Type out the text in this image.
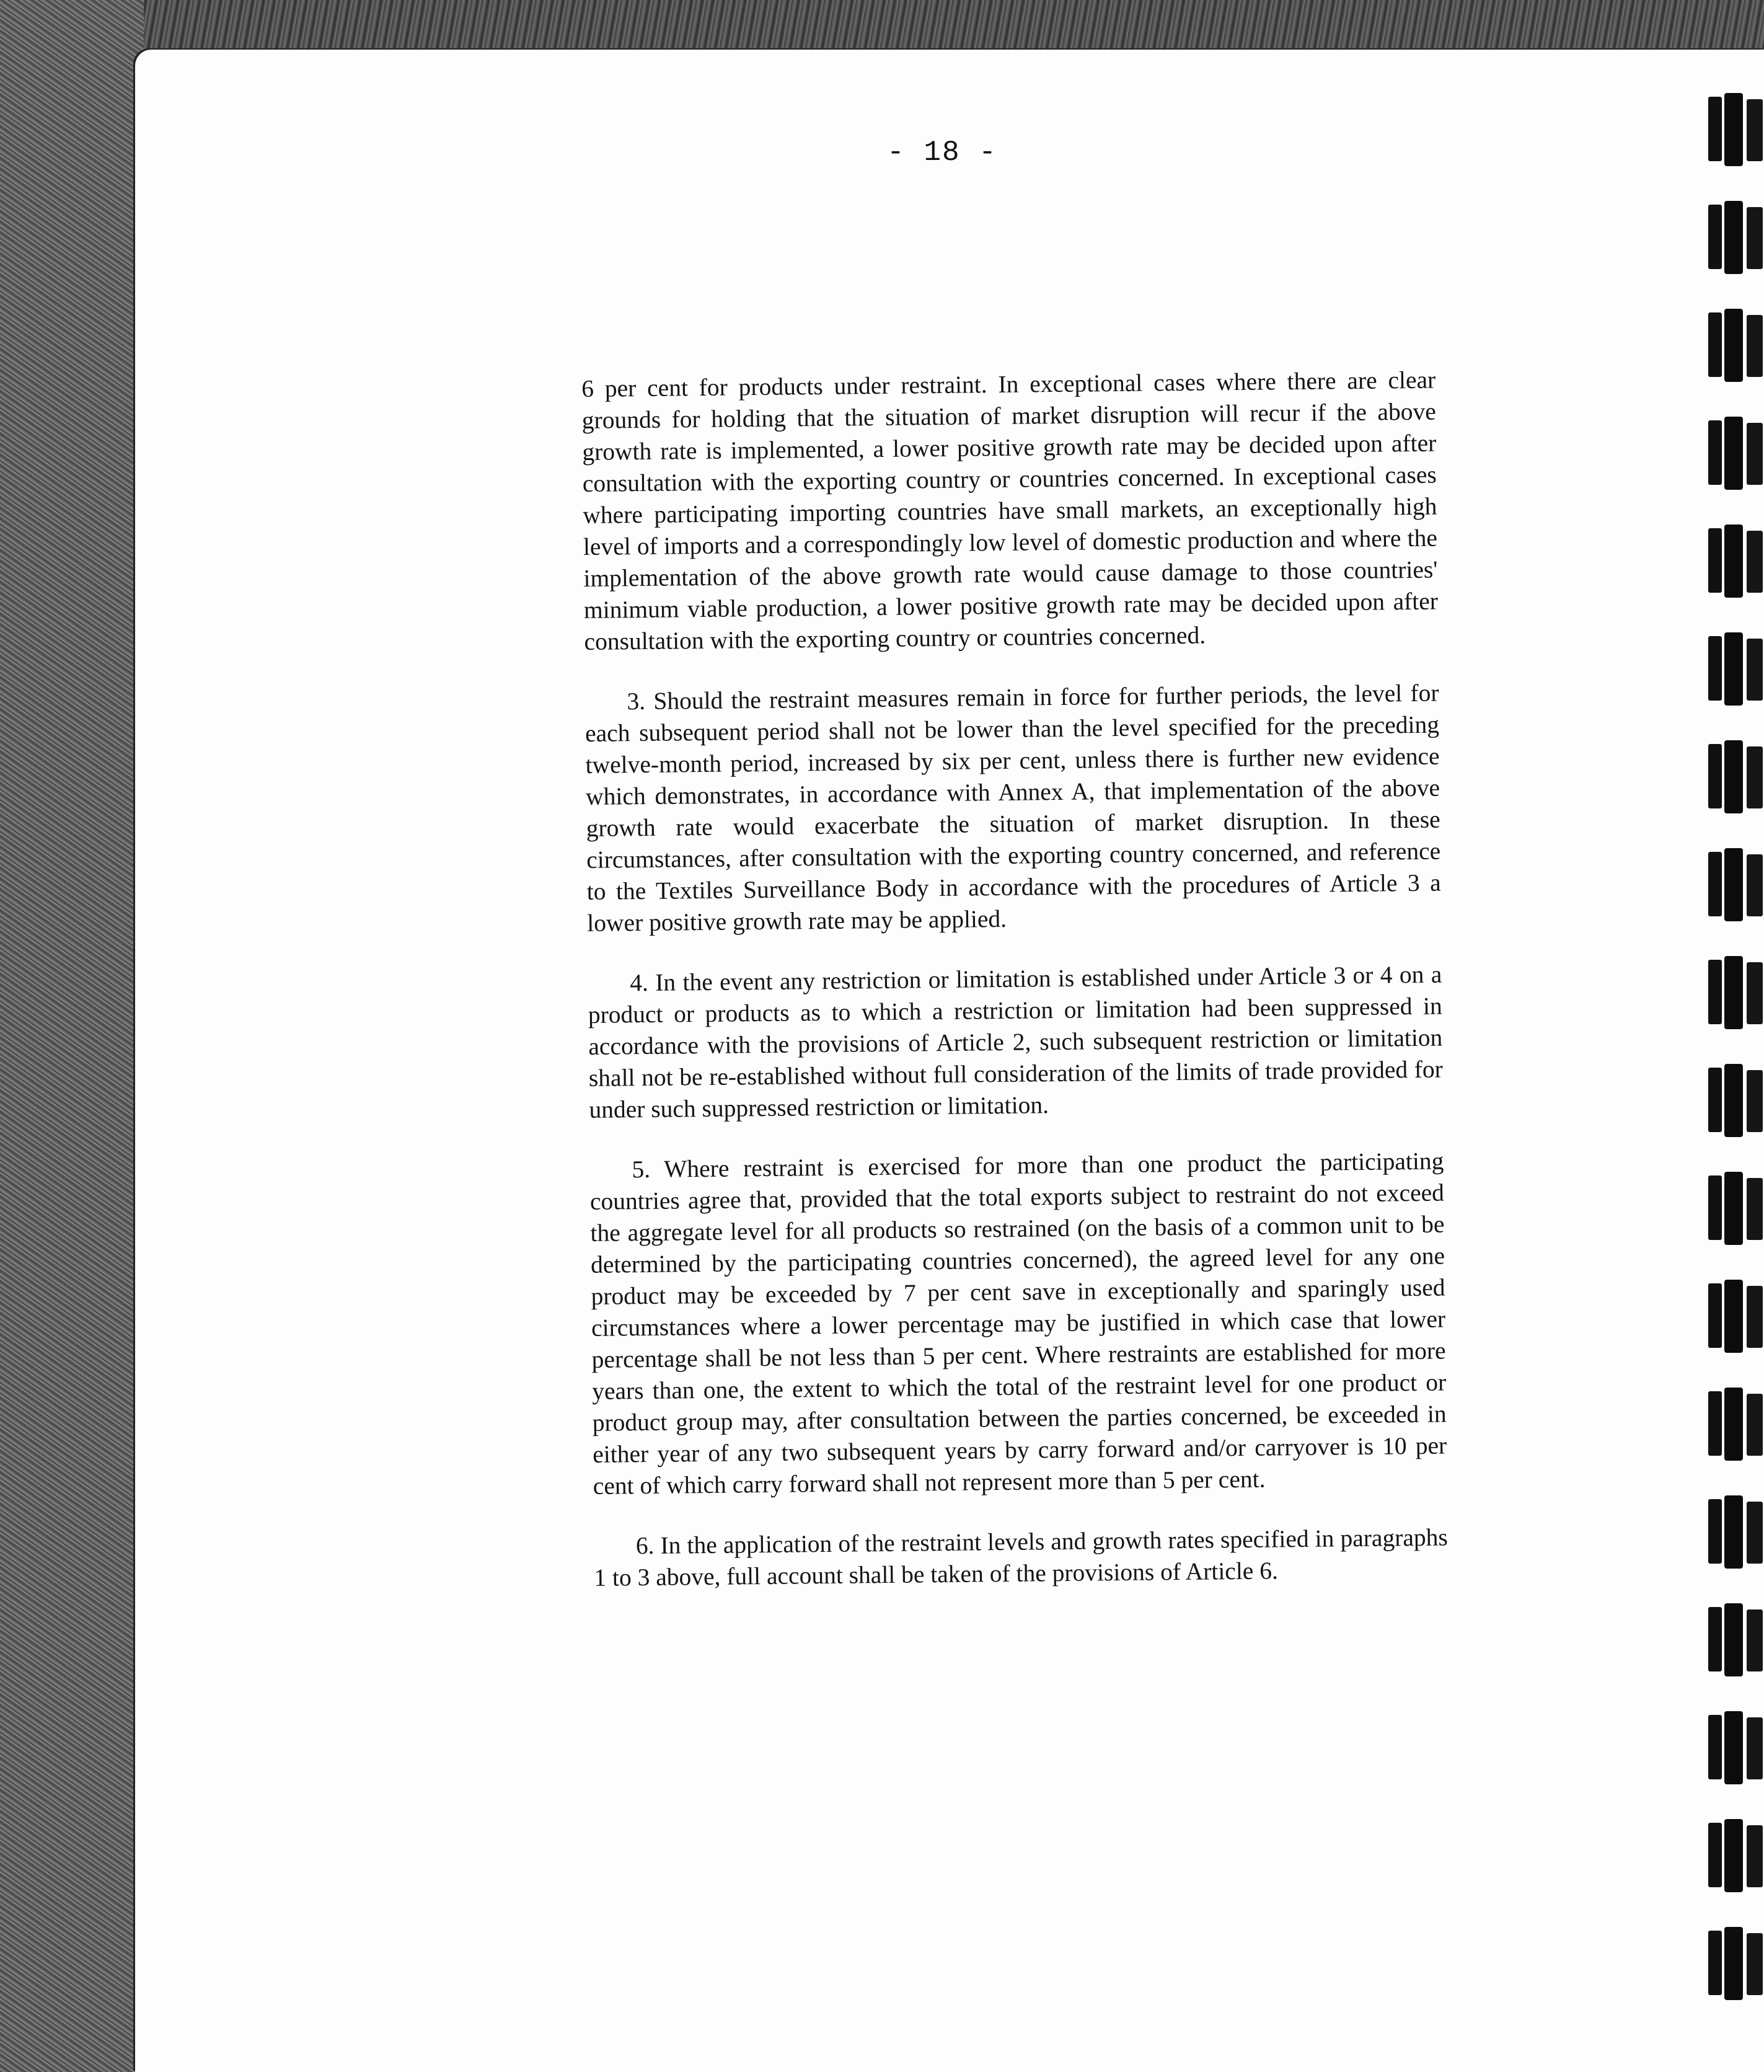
- 18 -

6 per cent for products under restraint. In exceptional cases where there are clear grounds for holding that the situation of market disruption will recur if the above growth rate is implemented, a lower positive growth rate may be decided upon after consultation with the exporting country or countries concerned. In exceptional cases where participating importing countries have small markets, an exceptionally high level of imports and a correspondingly low level of domestic production and where the implementation of the above growth rate would cause damage to those countries' minimum viable production, a lower positive growth rate may be decided upon after consultation with the exporting country or countries concerned.

3. Should the restraint measures remain in force for further periods, the level for each subsequent period shall not be lower than the level specified for the preceding twelve-month period, increased by six per cent, unless there is further new evidence which demonstrates, in accordance with Annex A, that implementation of the above growth rate would exacerbate the situation of market disruption. In these circumstances, after consultation with the exporting country concerned, and reference to the Textiles Surveillance Body in accordance with the procedures of Article 3 a lower positive growth rate may be applied.

4. In the event any restriction or limitation is established under Article 3 or 4 on a product or products as to which a restriction or limitation had been suppressed in accordance with the provisions of Article 2, such subsequent restriction or limitation shall not be re-established without full consideration of the limits of trade provided for under such suppressed restriction or limitation.

5. Where restraint is exercised for more than one product the participating countries agree that, provided that the total exports subject to restraint do not exceed the aggregate level for all products so restrained (on the basis of a common unit to be determined by the participating countries concerned), the agreed level for any one product may be exceeded by 7 per cent save in exceptionally and sparingly used circumstances where a lower percentage may be justified in which case that lower percentage shall be not less than 5 per cent. Where restraints are established for more years than one, the extent to which the total of the restraint level for one product or product group may, after consultation between the parties concerned, be exceeded in either year of any two subsequent years by carry forward and/or carryover is 10 per cent of which carry forward shall not represent more than 5 per cent.

6. In the application of the restraint levels and growth rates specified in paragraphs 1 to 3 above, full account shall be taken of the provisions of Article 6.
